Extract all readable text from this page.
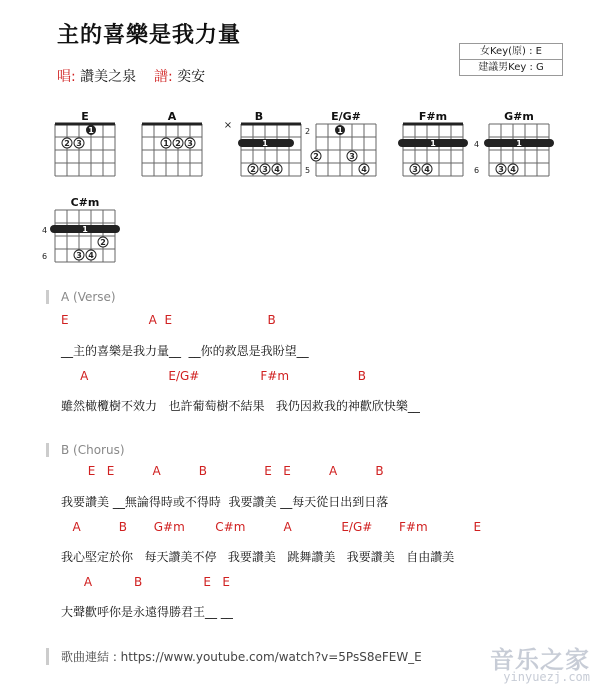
主的喜樂是我力量
唱: 讚美之泉 譜: 奕安
女Key(原) : E
建議男Key : G
E
1
2 3
A
1 2 3
B
×
1
2 3 4
E/G#
2
5
1
2	3
4
F#m
1
3 4
G#m
4
6
1
3 4
C#m
4
6
1
2
3 4
A (Verse)
E                     A  E                         B
__主的喜樂是我力量__  __你的救恩是我盼望__
A                     E/G#                F#m                  B
雖然橄欖樹不效力   也許葡萄樹不結果   我仍因救我的神歡欣快樂__
B (Chorus)
E   E          A          B               E   E          A          B
我要讚美 __無論得時或不得時  我要讚美 __每天從日出到日落
A          B       G#m        C#m          A             E/G#       F#m            E
我心堅定於你   每天讚美不停   我要讚美   跳舞讚美   我要讚美   自由讚美
A           B                E   E
大聲歡呼你是永遠得勝君王__ __
歌曲連結 : https://www.youtube.com/watch?v=5PsS8eFEW_E	音乐之家
yinyuezj.com
